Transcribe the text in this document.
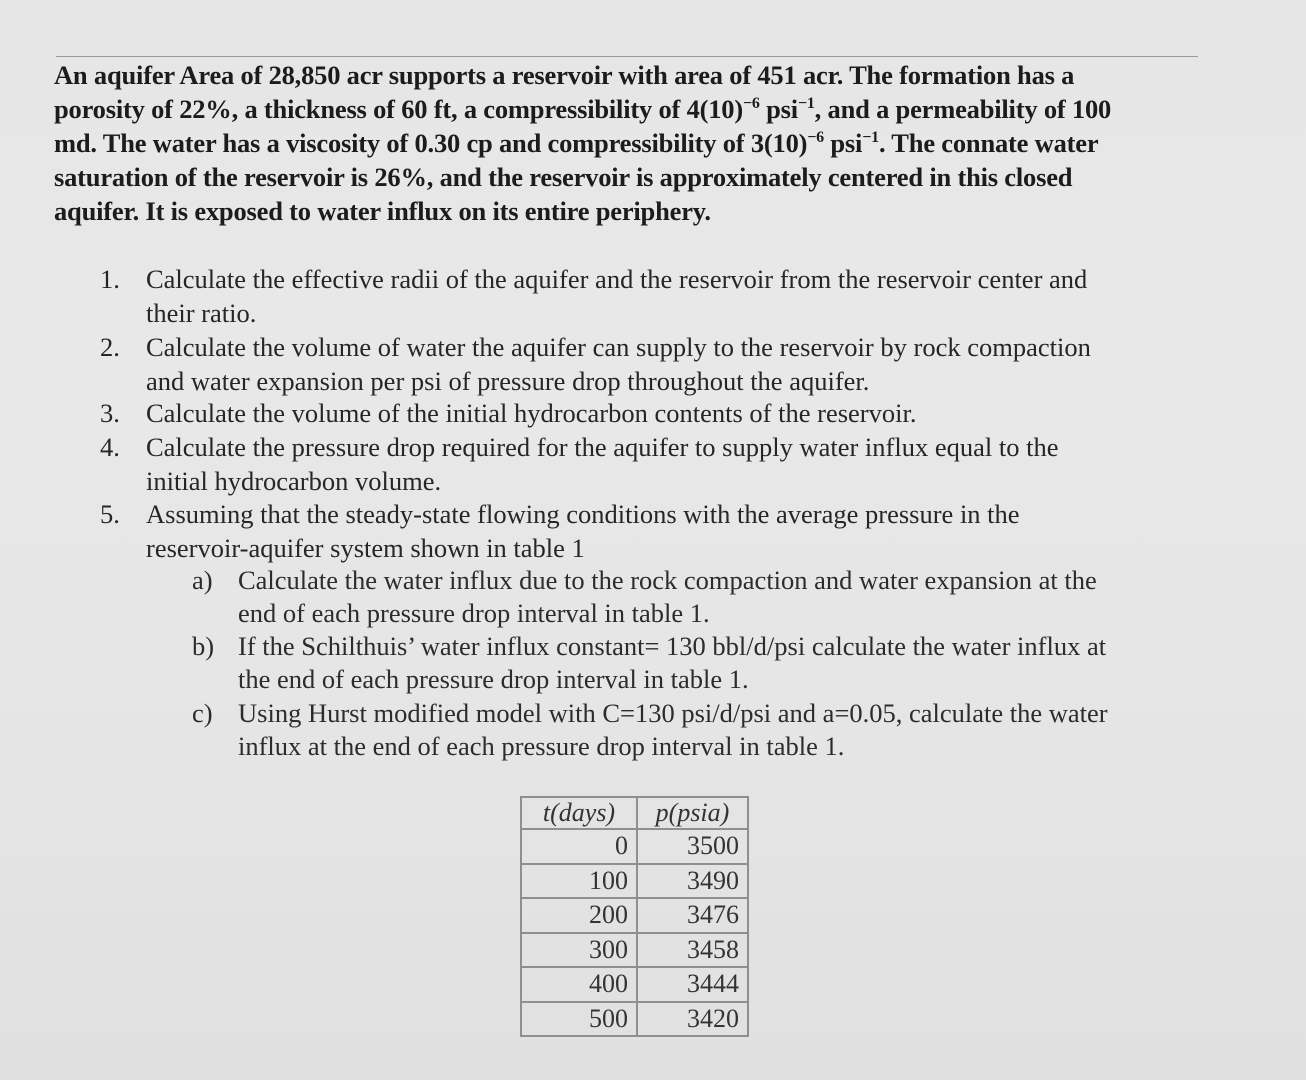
An aquifer Area of 28,850 acr supports a reservoir with area of 451 acr. The formation has a
porosity of 22%, a thickness of 60 ft, a compressibility of $4(10)^{-6}$ psi$^{-1}$, and a permeability of 100
md. The water has a viscosity of 0.30 cp and compressibility of $3(10)^{-6}$ psi$^{-1}$. The connate water
saturation of the reservoir is 26%, and the reservoir is approximately centered in this closed
aquifer. It is exposed to water influx on its entire periphery.
1. Calculate the effective radii of the aquifer and the reservoir from the reservoir center and
their ratio.
2. Calculate the volume of water the aquifer can supply to the reservoir by rock compaction
and water expansion per psi of pressure drop throughout the aquifer.
3. Calculate the volume of the initial hydrocarbon contents of the reservoir.
4. Calculate the pressure drop required for the aquifer to supply water influx equal to the
initial hydrocarbon volume.
5. Assuming that the steady-state flowing conditions with the average pressure in the
reservoir-aquifer system shown in table 1
a) Calculate the water influx due to the rock compaction and water expansion at the
end of each pressure drop interval in table 1.
b) If the Schilthuis’ water influx constant= 130 bbl/d/psi calculate the water influx at
the end of each pressure drop interval in table 1.
c) Using Hurst modified model with C=130 psi/d/psi and a=0.05, calculate the water
influx at the end of each pressure drop interval in table 1.
t(days)	p(psia)
0	3500
100	3490
200	3476
300	3458
400	3444
500	3420
